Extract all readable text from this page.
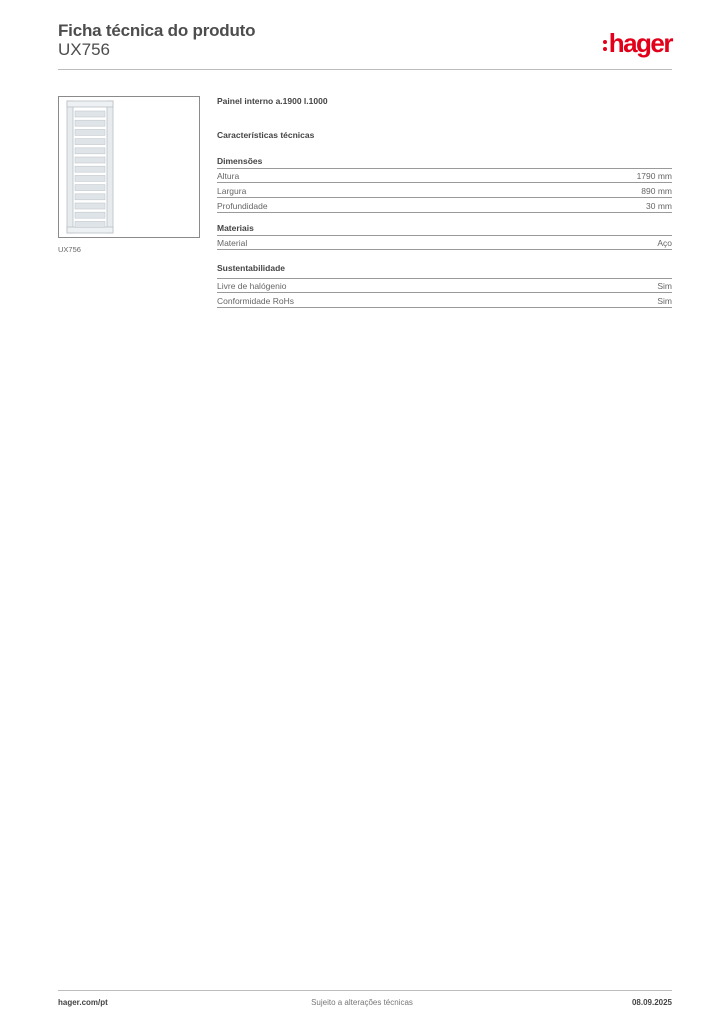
Ficha técnica do produto
UX756	hager
UX756
Painel interno a.1900 l.1000
Características técnicas
Dimensões
Altura	1790 mm
Largura	890 mm
Profundidade	30 mm
Materiais
Material	Aço
Sustentabilidade
Livre de halógenio	Sim
Conformidade RoHs	Sim
hager.com/pt	Sujeito a alterações técnicas	08.09.2025
